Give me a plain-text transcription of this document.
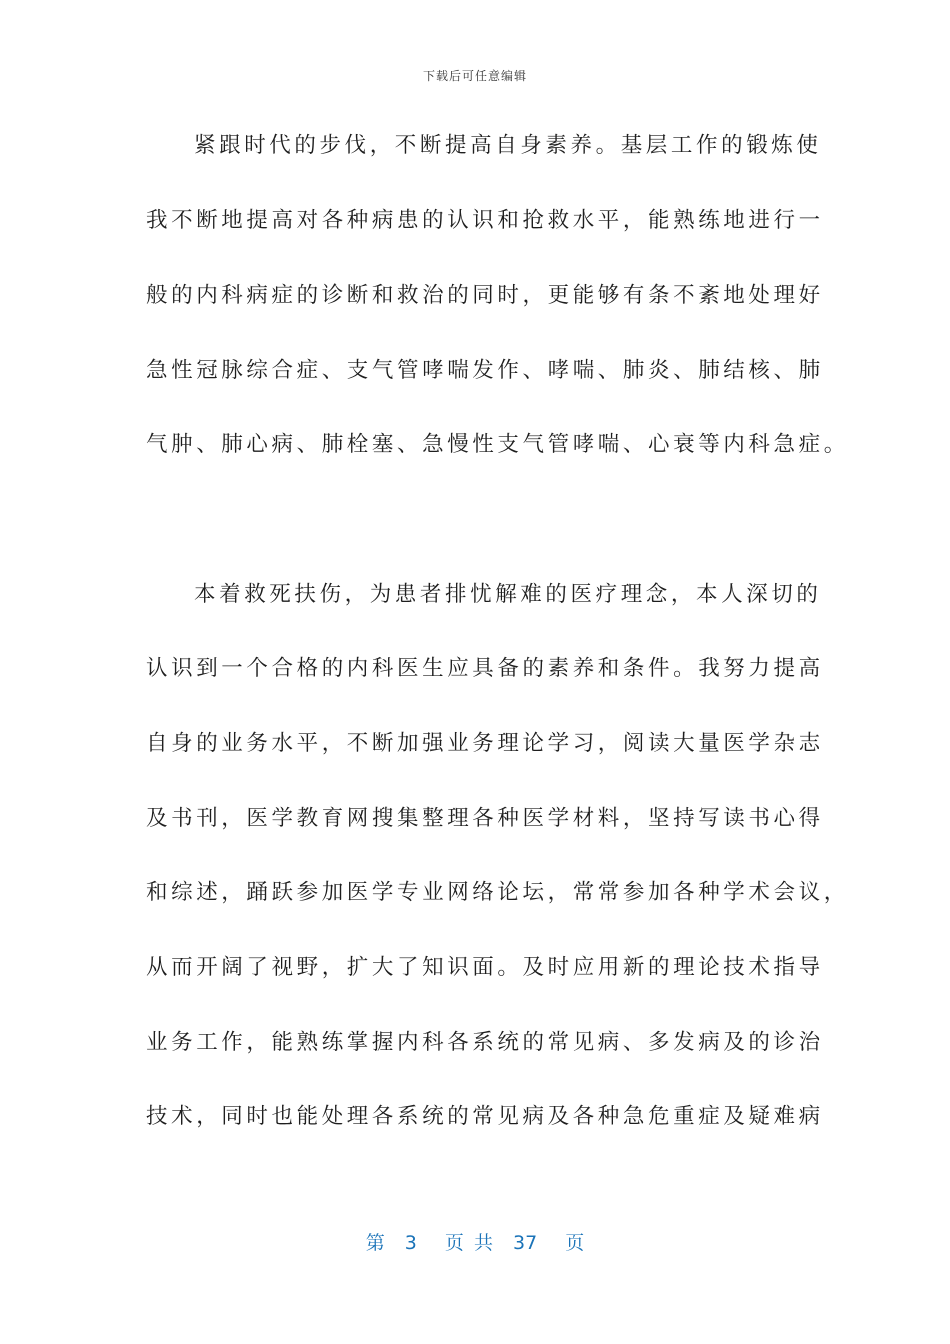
下载后可任意编辑
紧跟时代的步伐，不断提高自身素养。基层工作的锻炼使
我不断地提高对各种病患的认识和抢救水平，能熟练地进行一
般的内科病症的诊断和救治的同时，更能够有条不紊地处理好
急性冠脉综合症、支气管哮喘发作、哮喘、肺炎、肺结核、肺
气肿、肺心病、肺栓塞、急慢性支气管哮喘、心衰等内科急症。
本着救死扶伤，为患者排忧解难的医疗理念，本人深切的
认识到一个合格的内科医生应具备的素养和条件。我努力提高
自身的业务水平，不断加强业务理论学习，阅读大量医学杂志
及书刊，医学教育网搜集整理各种医学材料，坚持写读书心得
和综述，踊跃参加医学专业网络论坛，常常参加各种学术会议，
从而开阔了视野，扩大了知识面。及时应用新的理论技术指导
业务工作，能熟练掌握内科各系统的常见病、多发病及的诊治
技术，同时也能处理各系统的常见病及各种急危重症及疑难病
第 3 页 共 37 页
